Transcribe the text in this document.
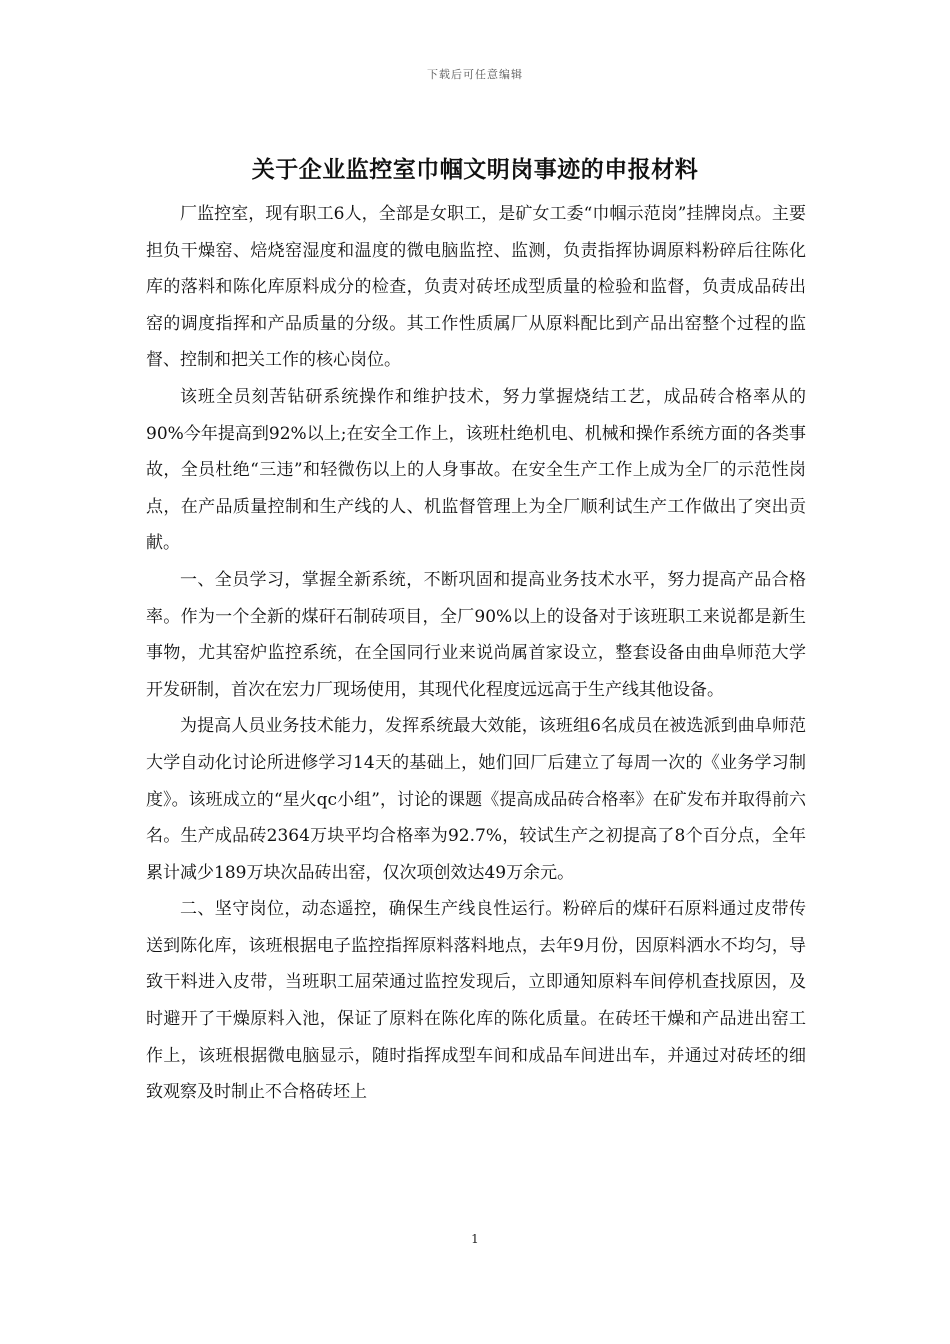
下载后可任意编辑
关于企业监控室巾帼文明岗事迹的申报材料

厂监控室，现有职工6人，全部是女职工，是矿女工委“巾帼示范岗”挂牌岗点。主要担负干燥窑、焙烧窑湿度和温度的微电脑监控、监测，负责指挥协调原料粉碎后往陈化库的落料和陈化库原料成分的检查，负责对砖坯成型质量的检验和监督，负责成品砖出窑的调度指挥和产品质量的分级。其工作性质属厂从原料配比到产品出窑整个过程的监督、控制和把关工作的核心岗位。

该班全员刻苦钻研系统操作和维护技术，努力掌握烧结工艺，成品砖合格率从的90%今年提高到92%以上;在安全工作上，该班杜绝机电、机械和操作系统方面的各类事故，全员杜绝“三违”和轻微伤以上的人身事故。在安全生产工作上成为全厂的示范性岗点，在产品质量控制和生产线的人、机监督管理上为全厂顺利试生产工作做出了突出贡献。

一、全员学习，掌握全新系统，不断巩固和提高业务技术水平，努力提高产品合格率。作为一个全新的煤矸石制砖项目，全厂90%以上的设备对于该班职工来说都是新生事物，尤其窑炉监控系统，在全国同行业来说尚属首家设立，整套设备由曲阜师范大学开发研制，首次在宏力厂现场使用，其现代化程度远远高于生产线其他设备。

为提高人员业务技术能力，发挥系统最大效能，该班组6名成员在被选派到曲阜师范大学自动化讨论所进修学习14天的基础上，她们回厂后建立了每周一次的《业务学习制度》。该班成立的“星火qc小组”，讨论的课题《提高成品砖合格率》在矿发布并取得前六名。生产成品砖2364万块平均合格率为92.7%，较试生产之初提高了8个百分点，全年累计减少189万块次品砖出窑，仅次项创效达49万余元。

二、坚守岗位，动态遥控，确保生产线良性运行。粉碎后的煤矸石原料通过皮带传送到陈化库，该班根据电子监控指挥原料落料地点，去年9月份，因原料洒水不均匀，导致干料进入皮带，当班职工屈荣通过监控发现后，立即通知原料车间停机查找原因，及时避开了干燥原料入池，保证了原料在陈化库的陈化质量。在砖坯干燥和产品进出窑工作上，该班根据微电脑显示，随时指挥成型车间和成品车间进出车，并通过对砖坯的细致观察及时制止不合格砖坯上

1
